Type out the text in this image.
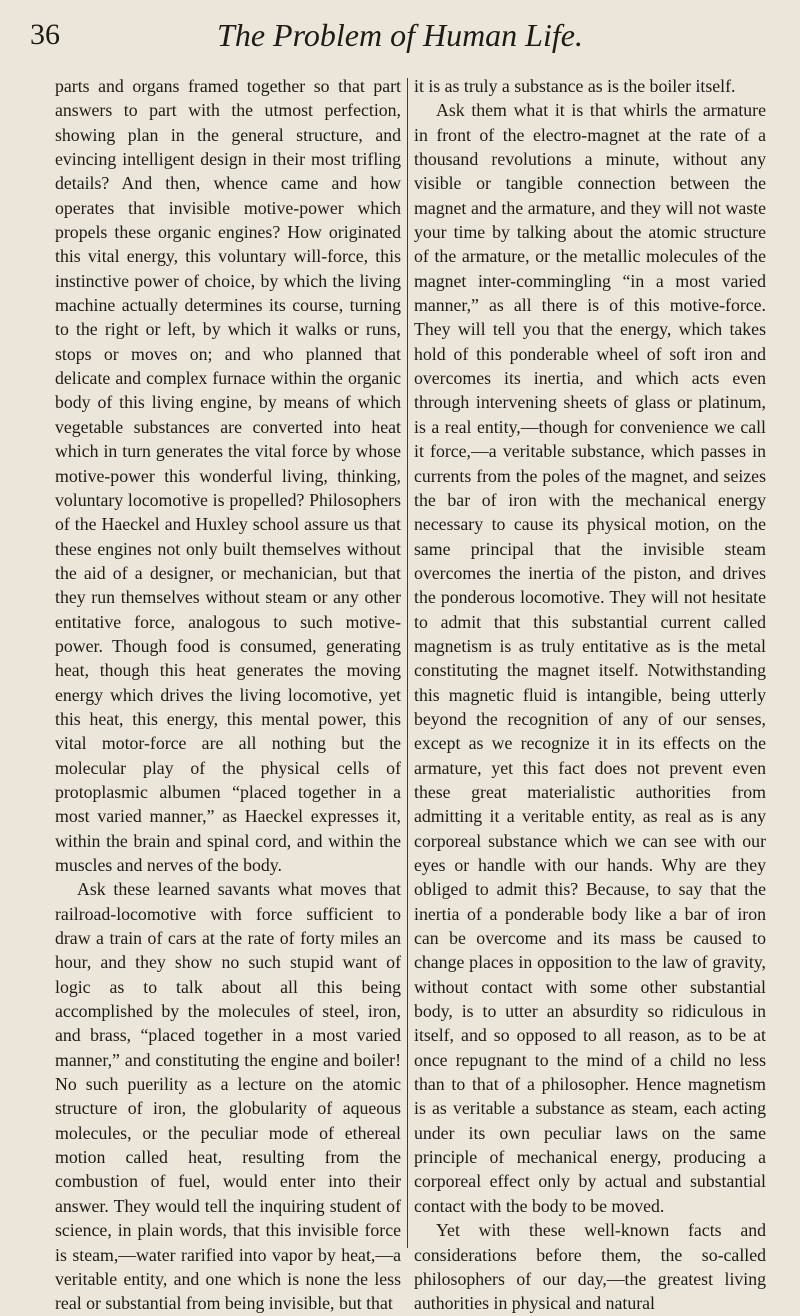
36	The Problem of Human Life.

parts and organs framed together so that part answers to part with the utmost perfection, showing plan in the general structure, and evincing intelligent design in their most trifling details? And then, whence came and how operates that invisible motive-power which propels these organic engines? How originated this vital energy, this voluntary will-force, this instinctive power of choice, by which the living machine actually determines its course, turning to the right or left, by which it walks or runs, stops or moves on; and who planned that delicate and complex furnace within the organic body of this living engine, by means of which vegetable substances are converted into heat which in turn generates the vital force by whose motive-power this wonderful living, thinking, voluntary locomotive is propelled? Philosophers of the Haeckel and Huxley school assure us that these engines not only built themselves without the aid of a designer, or mechanician, but that they run themselves without steam or any other entitative force, analogous to such motive-power. Though food is consumed, generating heat, though this heat generates the moving energy which drives the living locomotive, yet this heat, this energy, this mental power, this vital motor-force are all nothing but the molecular play of the physical cells of protoplasmic albumen “placed together in a most varied manner,” as Haeckel expresses it, within the brain and spinal cord, and within the muscles and nerves of the body.

Ask these learned savants what moves that railroad-locomotive with force sufficient to draw a train of cars at the rate of forty miles an hour, and they show no such stupid want of logic as to talk about all this being accomplished by the molecules of steel, iron, and brass, “placed together in a most varied manner,” and constituting the engine and boiler! No such puerility as a lecture on the atomic structure of iron, the globularity of aqueous molecules, or the peculiar mode of ethereal motion called heat, resulting from the combustion of fuel, would enter into their answer. They would tell the inquiring student of science, in plain words, that this invisible force is steam,—water rarified into vapor by heat,—a veritable entity, and one which is none the less real or substantial from being invisible, but that

it is as truly a substance as is the boiler itself.

Ask them what it is that whirls the armature in front of the electro-magnet at the rate of a thousand revolutions a minute, without any visible or tangible connection between the magnet and the armature, and they will not waste your time by talking about the atomic structure of the armature, or the metallic molecules of the magnet inter-commingling “in a most varied manner,” as all there is of this motive-force. They will tell you that the energy, which takes hold of this ponderable wheel of soft iron and overcomes its inertia, and which acts even through intervening sheets of glass or platinum, is a real entity,—though for convenience we call it force,—a veritable substance, which passes in currents from the poles of the magnet, and seizes the bar of iron with the mechanical energy necessary to cause its physical motion, on the same principal that the invisible steam overcomes the inertia of the piston, and drives the ponderous locomotive. They will not hesitate to admit that this substantial current called magnetism is as truly entitative as is the metal constituting the magnet itself. Notwithstanding this magnetic fluid is intangible, being utterly beyond the recognition of any of our senses, except as we recognize it in its effects on the armature, yet this fact does not prevent even these great materialistic authorities from admitting it a veritable entity, as real as is any corporeal substance which we can see with our eyes or handle with our hands. Why are they obliged to admit this? Because, to say that the inertia of a ponderable body like a bar of iron can be overcome and its mass be caused to change places in opposition to the law of gravity, without contact with some other substantial body, is to utter an absurdity so ridiculous in itself, and so opposed to all reason, as to be at once repugnant to the mind of a child no less than to that of a philosopher. Hence magnetism is as veritable a substance as steam, each acting under its own peculiar laws on the same principle of mechanical energy, producing a corporeal effect only by actual and substantial contact with the body to be moved.

Yet with these well-known facts and considerations before them, the so-called philosophers of our day,—the greatest living authorities in physical and natural
